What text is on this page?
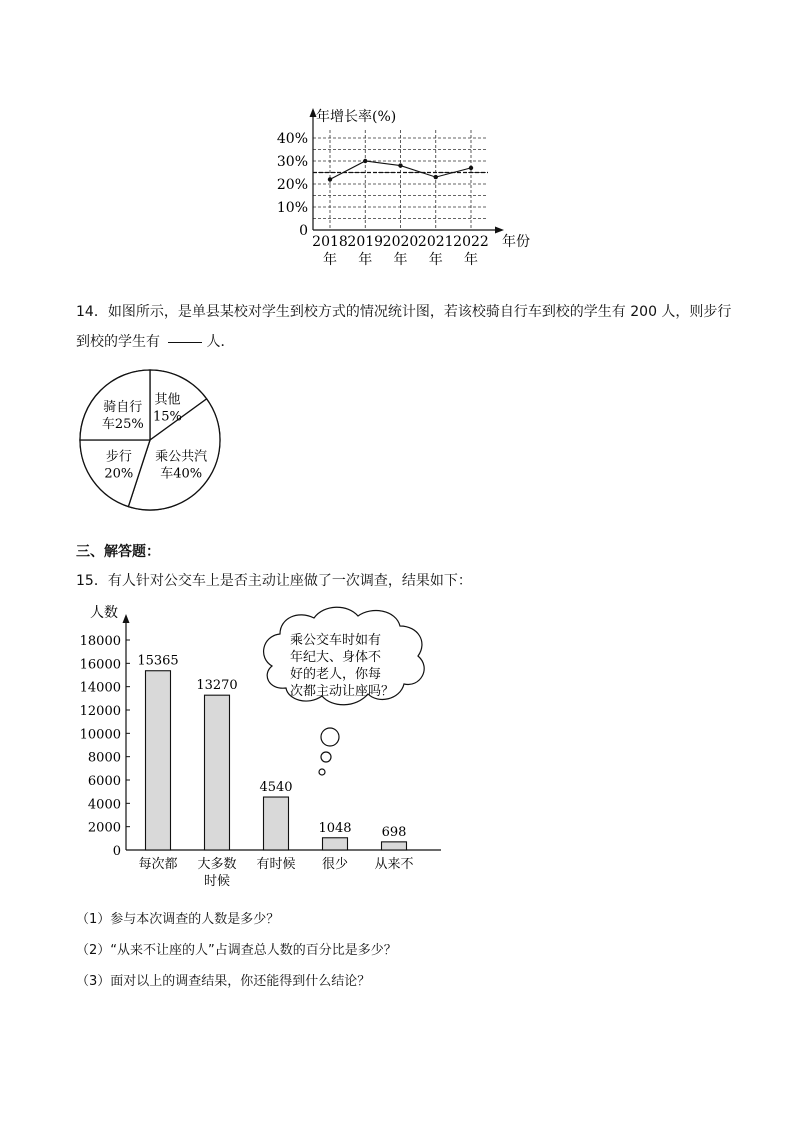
年增长率(%)
年份
0
10%
20%
30%
40%
2018
年
2019
年
2020
年
2021
年
2022
年
14．如图所示，是单县某校对学生到校方式的情况统计图，若该校骑自行车到校的学生有 200 人，则步行
到校的学生有	人．
其他
15%
乘公共汽
车40%
步行
20%
骑自行
车25%
三、解答题：
15．有人针对公交车上是否主动让座做了一次调查，结果如下：
人数
0
2000
4000
6000
8000
10000
12000
14000
16000
18000
15365
13270
4540
1048 698
每次都 大多数
时候
有时候 很少 从来不
乘公交车时如有
年纪大、身体不
好的老人，你每
次都主动让座吗？
（1）参与本次调查的人数是多少？
（2）“从来不让座的人”占调查总人数的百分比是多少？
（3）面对以上的调查结果，你还能得到什么结论？
